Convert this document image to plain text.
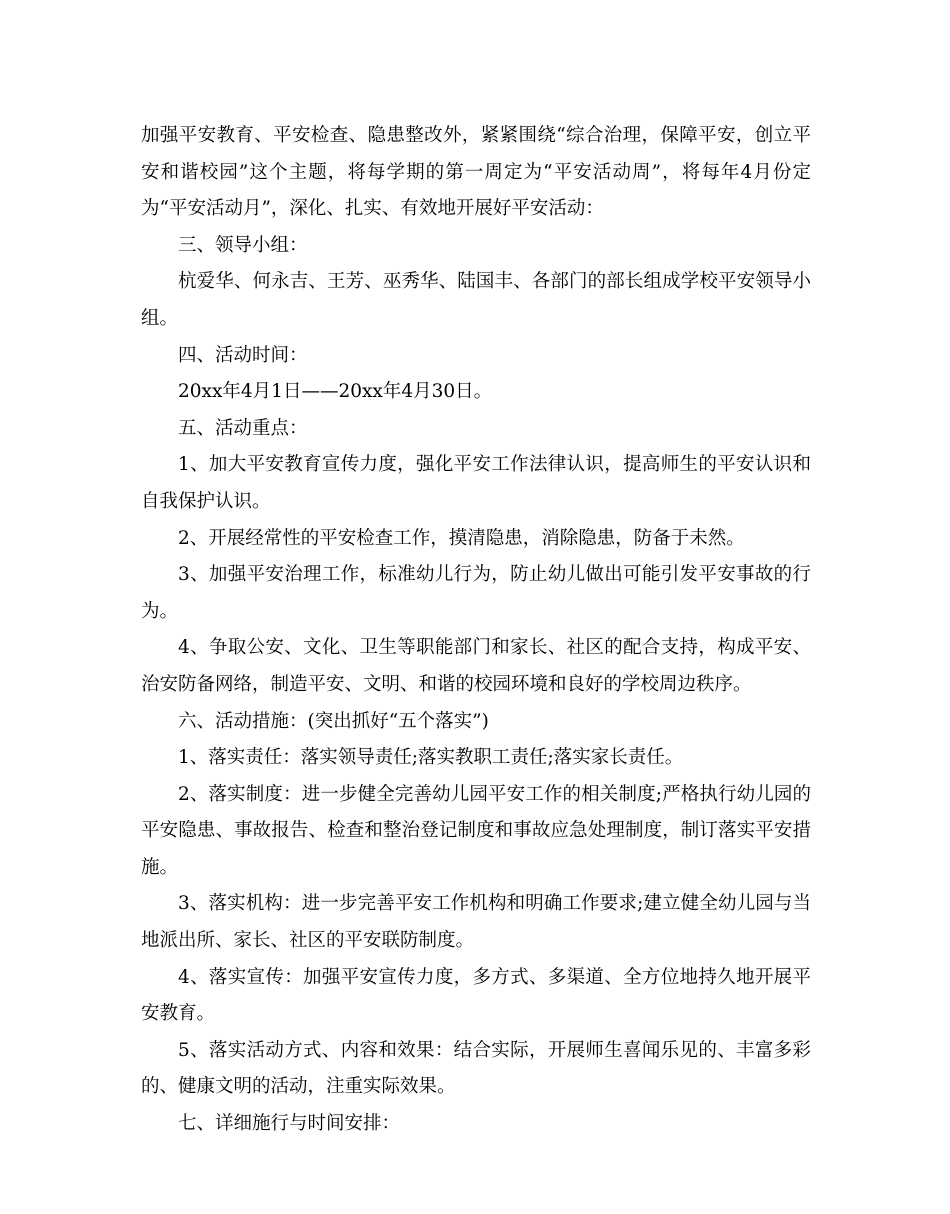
加强平安教育、平安检查、隐患整改外，紧紧围绕“综合治理，保障平安，创立平安和谐校园”这个主题，将每学期的第一周定为“平安活动周”，将每年4月份定为“平安活动月”，深化、扎实、有效地开展好平安活动：

三、领导小组：

杭爱华、何永吉、王芳、巫秀华、陆国丰、各部门的部长组成学校平安领导小组。

四、活动时间：

20xx年4月1日——20xx年4月30日。

五、活动重点：

1、加大平安教育宣传力度，强化平安工作法律认识，提高师生的平安认识和自我保护认识。

2、开展经常性的平安检查工作，摸清隐患，消除隐患，防备于未然。

3、加强平安治理工作，标准幼儿行为，防止幼儿做出可能引发平安事故的行为。

4、争取公安、文化、卫生等职能部门和家长、社区的配合支持，构成平安、治安防备网络，制造平安、文明、和谐的校园环境和良好的学校周边秩序。

六、活动措施：(突出抓好“五个落实”)

1、落实责任：落实领导责任;落实教职工责任;落实家长责任。

2、落实制度：进一步健全完善幼儿园平安工作的相关制度;严格执行幼儿园的平安隐患、事故报告、检查和整治登记制度和事故应急处理制度，制订落实平安措施。

3、落实机构：进一步完善平安工作机构和明确工作要求;建立健全幼儿园与当地派出所、家长、社区的平安联防制度。

4、落实宣传：加强平安宣传力度，多方式、多渠道、全方位地持久地开展平安教育。

5、落实活动方式、内容和效果：结合实际，开展师生喜闻乐见的、丰富多彩的、健康文明的活动，注重实际效果。

七、详细施行与时间安排：
